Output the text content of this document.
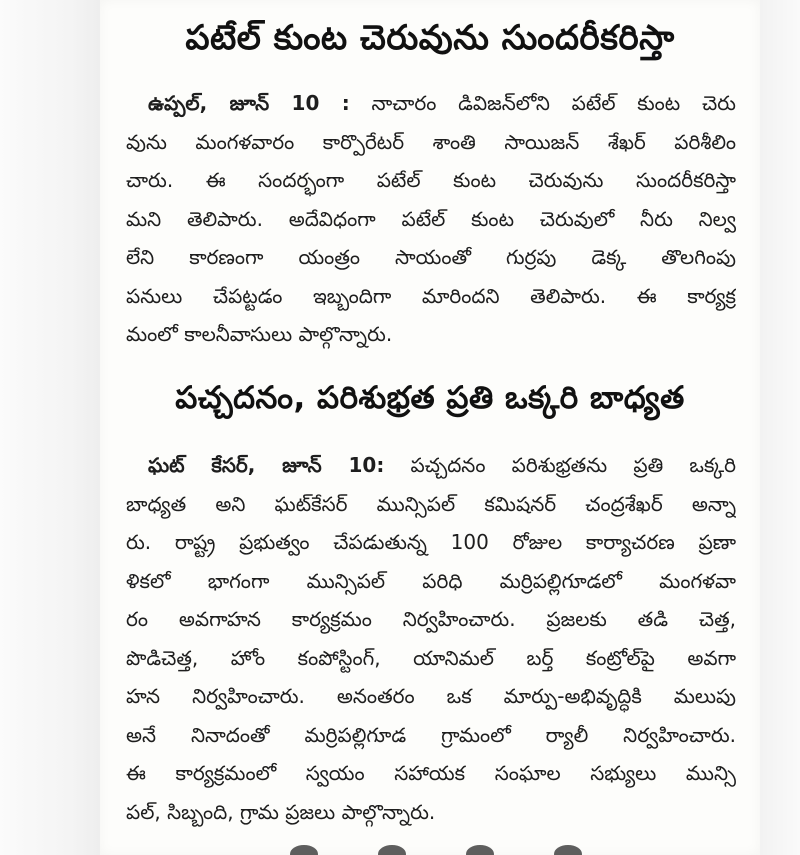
పటేల్ కుంట చెరువును సుందరీకరిస్తా
ఉప్పల్, జూన్ 10 : నాచారం డివిజన్‌లోని పటేల్ కుంట చెరు
వును మంగళవారం కార్పొరేటర్ శాంతి సాయిజన్ శేఖర్ పరిశీలిం
చారు. ఈ సందర్భంగా పటేల్ కుంట చెరువును సుందరీకరిస్తా
మని తెలిపారు. అదేవిధంగా పటేల్ కుంట చెరువులో నీరు నిల్వ
లేని కారణంగా యంత్రం సాయంతో గుర్రపు డెక్క తొలగింపు
పనులు చేపట్టడం ఇబ్బందిగా మారిందని తెలిపారు. ఈ కార్యక్ర
మంలో కాలనీవాసులు పాల్గొన్నారు.
పచ్చదనం, పరిశుభ్రత ప్రతి ఒక్కరి బాధ్యత
ఘట్ కేసర్, జూన్ 10: పచ్చదనం పరిశుభ్రతను ప్రతి ఒక్కరి
బాధ్యత అని ఘట్‌కేసర్ మున్సిపల్ కమిషనర్ చంద్రశేఖర్ అన్నా
రు. రాష్ట్ర ప్రభుత్వం చేపడుతున్న 100 రోజుల కార్యాచరణ ప్రణా
ళికలో భాగంగా మున్సిపల్ పరిధి మర్రిపల్లిగూడలో మంగళవా
రం అవగాహన కార్యక్రమం నిర్వహించారు. ప్రజలకు తడి చెత్త,
పొడిచెత్త, హోం కంపోస్టింగ్, యానిమల్ బర్త్ కంట్రోల్‌పై అవగా
హన నిర్వహించారు. అనంతరం ఒక మార్పు-అభివృద్ధికి మలుపు
అనే నినాదంతో మర్రిపల్లిగూడ గ్రామంలో ర్యాలీ నిర్వహించారు.
ఈ కార్యక్రమంలో స్వయం సహాయక సంఘాల సభ్యులు మున్సి
పల్, సిబ్బంది, గ్రామ ప్రజలు పాల్గొన్నారు.
